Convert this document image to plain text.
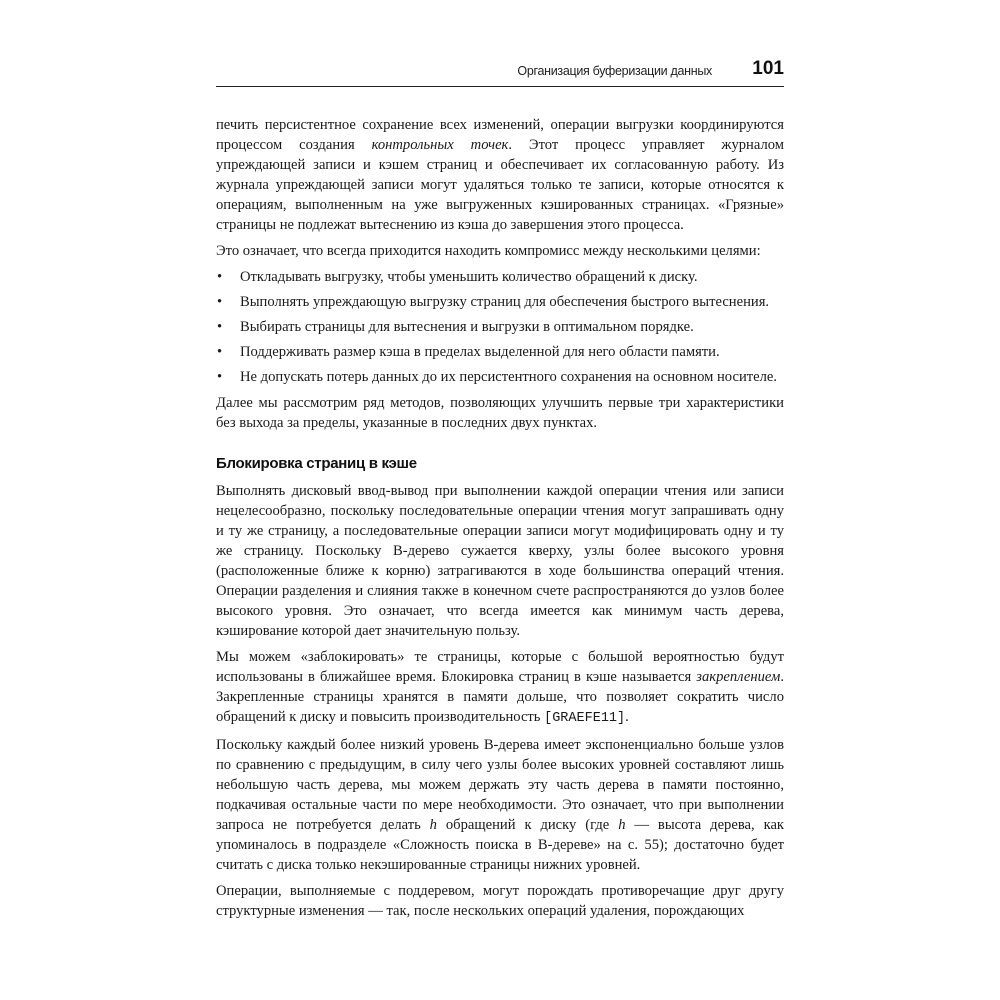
Организация буферизации данных 101

печить персистентное сохранение всех изменений, операции выгрузки координируются процессом создания контрольных точек. Этот процесс управляет журналом упреждающей записи и кэшем страниц и обеспечивает их согласованную работу. Из журнала упреждающей записи могут удаляться только те записи, которые относятся к операциям, выполненным на уже выгруженных кэшированных страницах. «Грязные» страницы не подлежат вытеснению из кэша до завершения этого процесса.

Это означает, что всегда приходится находить компромисс между несколькими целями:

• Откладывать выгрузку, чтобы уменьшить количество обращений к диску.
• Выполнять упреждающую выгрузку страниц для обеспечения быстрого вытеснения.
• Выбирать страницы для вытеснения и выгрузки в оптимальном порядке.
• Поддерживать размер кэша в пределах выделенной для него области памяти.
• Не допускать потерь данных до их персистентного сохранения на основном носителе.

Далее мы рассмотрим ряд методов, позволяющих улучшить первые три характеристики без выхода за пределы, указанные в последних двух пунктах.

Блокировка страниц в кэше

Выполнять дисковый ввод-вывод при выполнении каждой операции чтения или записи нецелесообразно, поскольку последовательные операции чтения могут запрашивать одну и ту же страницу, а последовательные операции записи могут модифицировать одну и ту же страницу. Поскольку B-дерево сужается кверху, узлы более высокого уровня (расположенные ближе к корню) затрагиваются в ходе большинства операций чтения. Операции разделения и слияния также в конечном счете распространяются до узлов более высокого уровня. Это означает, что всегда имеется как минимум часть дерева, кэширование которой дает значительную пользу.

Мы можем «заблокировать» те страницы, которые с большой вероятностью будут использованы в ближайшее время. Блокировка страниц в кэше называется закреплением. Закрепленные страницы хранятся в памяти дольше, что позволяет сократить число обращений к диску и повысить производительность [GRAEFE11].

Поскольку каждый более низкий уровень B-дерева имеет экспоненциально больше узлов по сравнению с предыдущим, в силу чего узлы более высоких уровней составляют лишь небольшую часть дерева, мы можем держать эту часть дерева в памяти постоянно, подкачивая остальные части по мере необходимости. Это означает, что при выполнении запроса не потребуется делать h обращений к диску (где h — высота дерева, как упоминалось в подразделе «Сложность поиска в B-дереве» на с. 55); достаточно будет считать с диска только некэшированные страницы нижних уровней.

Операции, выполняемые с поддеревом, могут порождать противоречащие друг другу структурные изменения — так, после нескольких операций удаления, порождающих
